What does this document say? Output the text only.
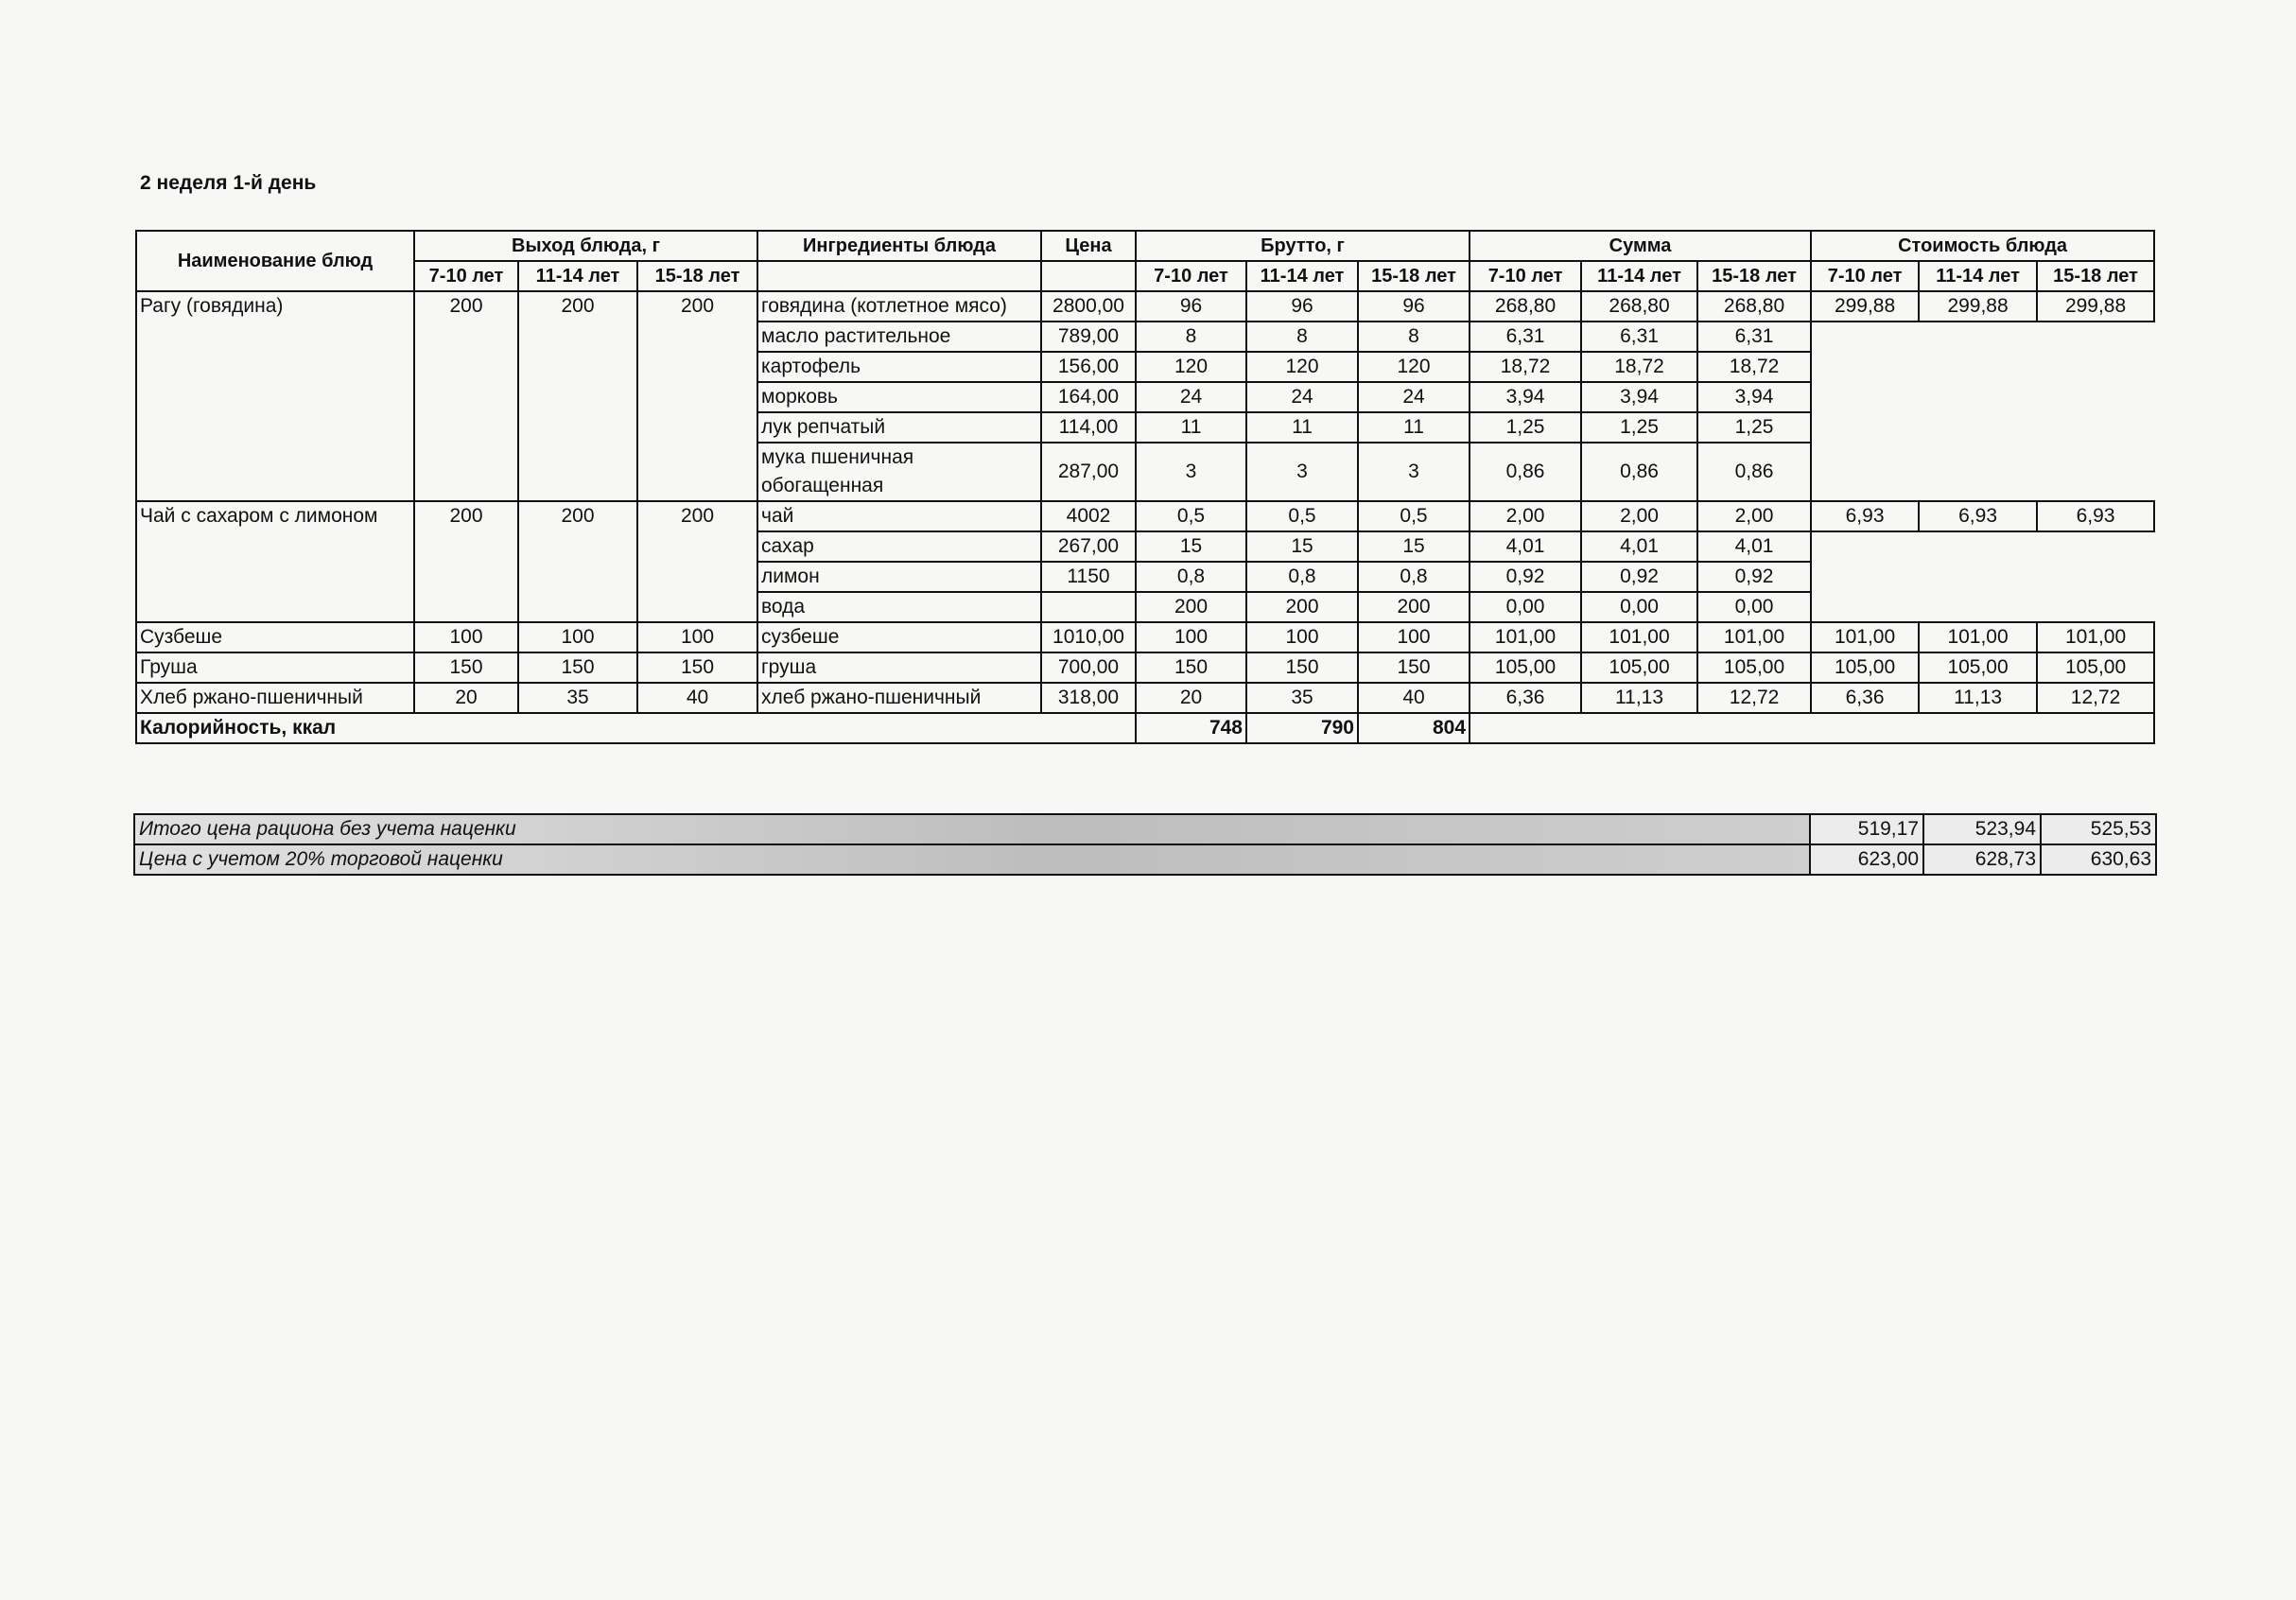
2 неделя 1-й день
Наименование блюд	Выход блюда, г			Ингредиенты блюда	Цена	Брутто, г			Сумма			Стоимость блюда		
	7-10 лет	11-14 лет	15-18 лет			7-10 лет	11-14 лет	15-18 лет	7-10 лет	11-14 лет	15-18 лет	7-10 лет	11-14 лет	15-18 лет
Рагу (говядина)	200	200	200	говядина (котлетное мясо)	2800,00	96	96	96	268,80	268,80	268,80	299,88	299,88	299,88
				масло растительное	789,00	8	8	8	6,31	6,31	6,31			
				картофель	156,00	120	120	120	18,72	18,72	18,72			
				морковь	164,00	24	24	24	3,94	3,94	3,94			
				лук репчатый	114,00	11	11	11	1,25	1,25	1,25			
				мука пшеничная обогащенная	287,00	3	3	3	0,86	0,86	0,86			
Чай с сахаром с лимоном	200	200	200	чай	4002	0,5	0,5	0,5	2,00	2,00	2,00	6,93	6,93	6,93
				сахар	267,00	15	15	15	4,01	4,01	4,01			
				лимон	1150	0,8	0,8	0,8	0,92	0,92	0,92			
				вода		200	200	200	0,00	0,00	0,00			
Сузбеше	100	100	100	сузбеше	1010,00	100	100	100	101,00	101,00	101,00	101,00	101,00	101,00
Груша	150	150	150	груша	700,00	150	150	150	105,00	105,00	105,00	105,00	105,00	105,00
Хлеб ржано-пшеничный	20	35	40	хлеб ржано-пшеничный	318,00	20	35	40	6,36	11,13	12,72	6,36	11,13	12,72
Калорийность, ккал						748	790	804						
Итого цена рациона без учета наценки	519,17	523,94	525,53
Цена с учетом 20% торговой наценки	623,00	628,73	630,63
